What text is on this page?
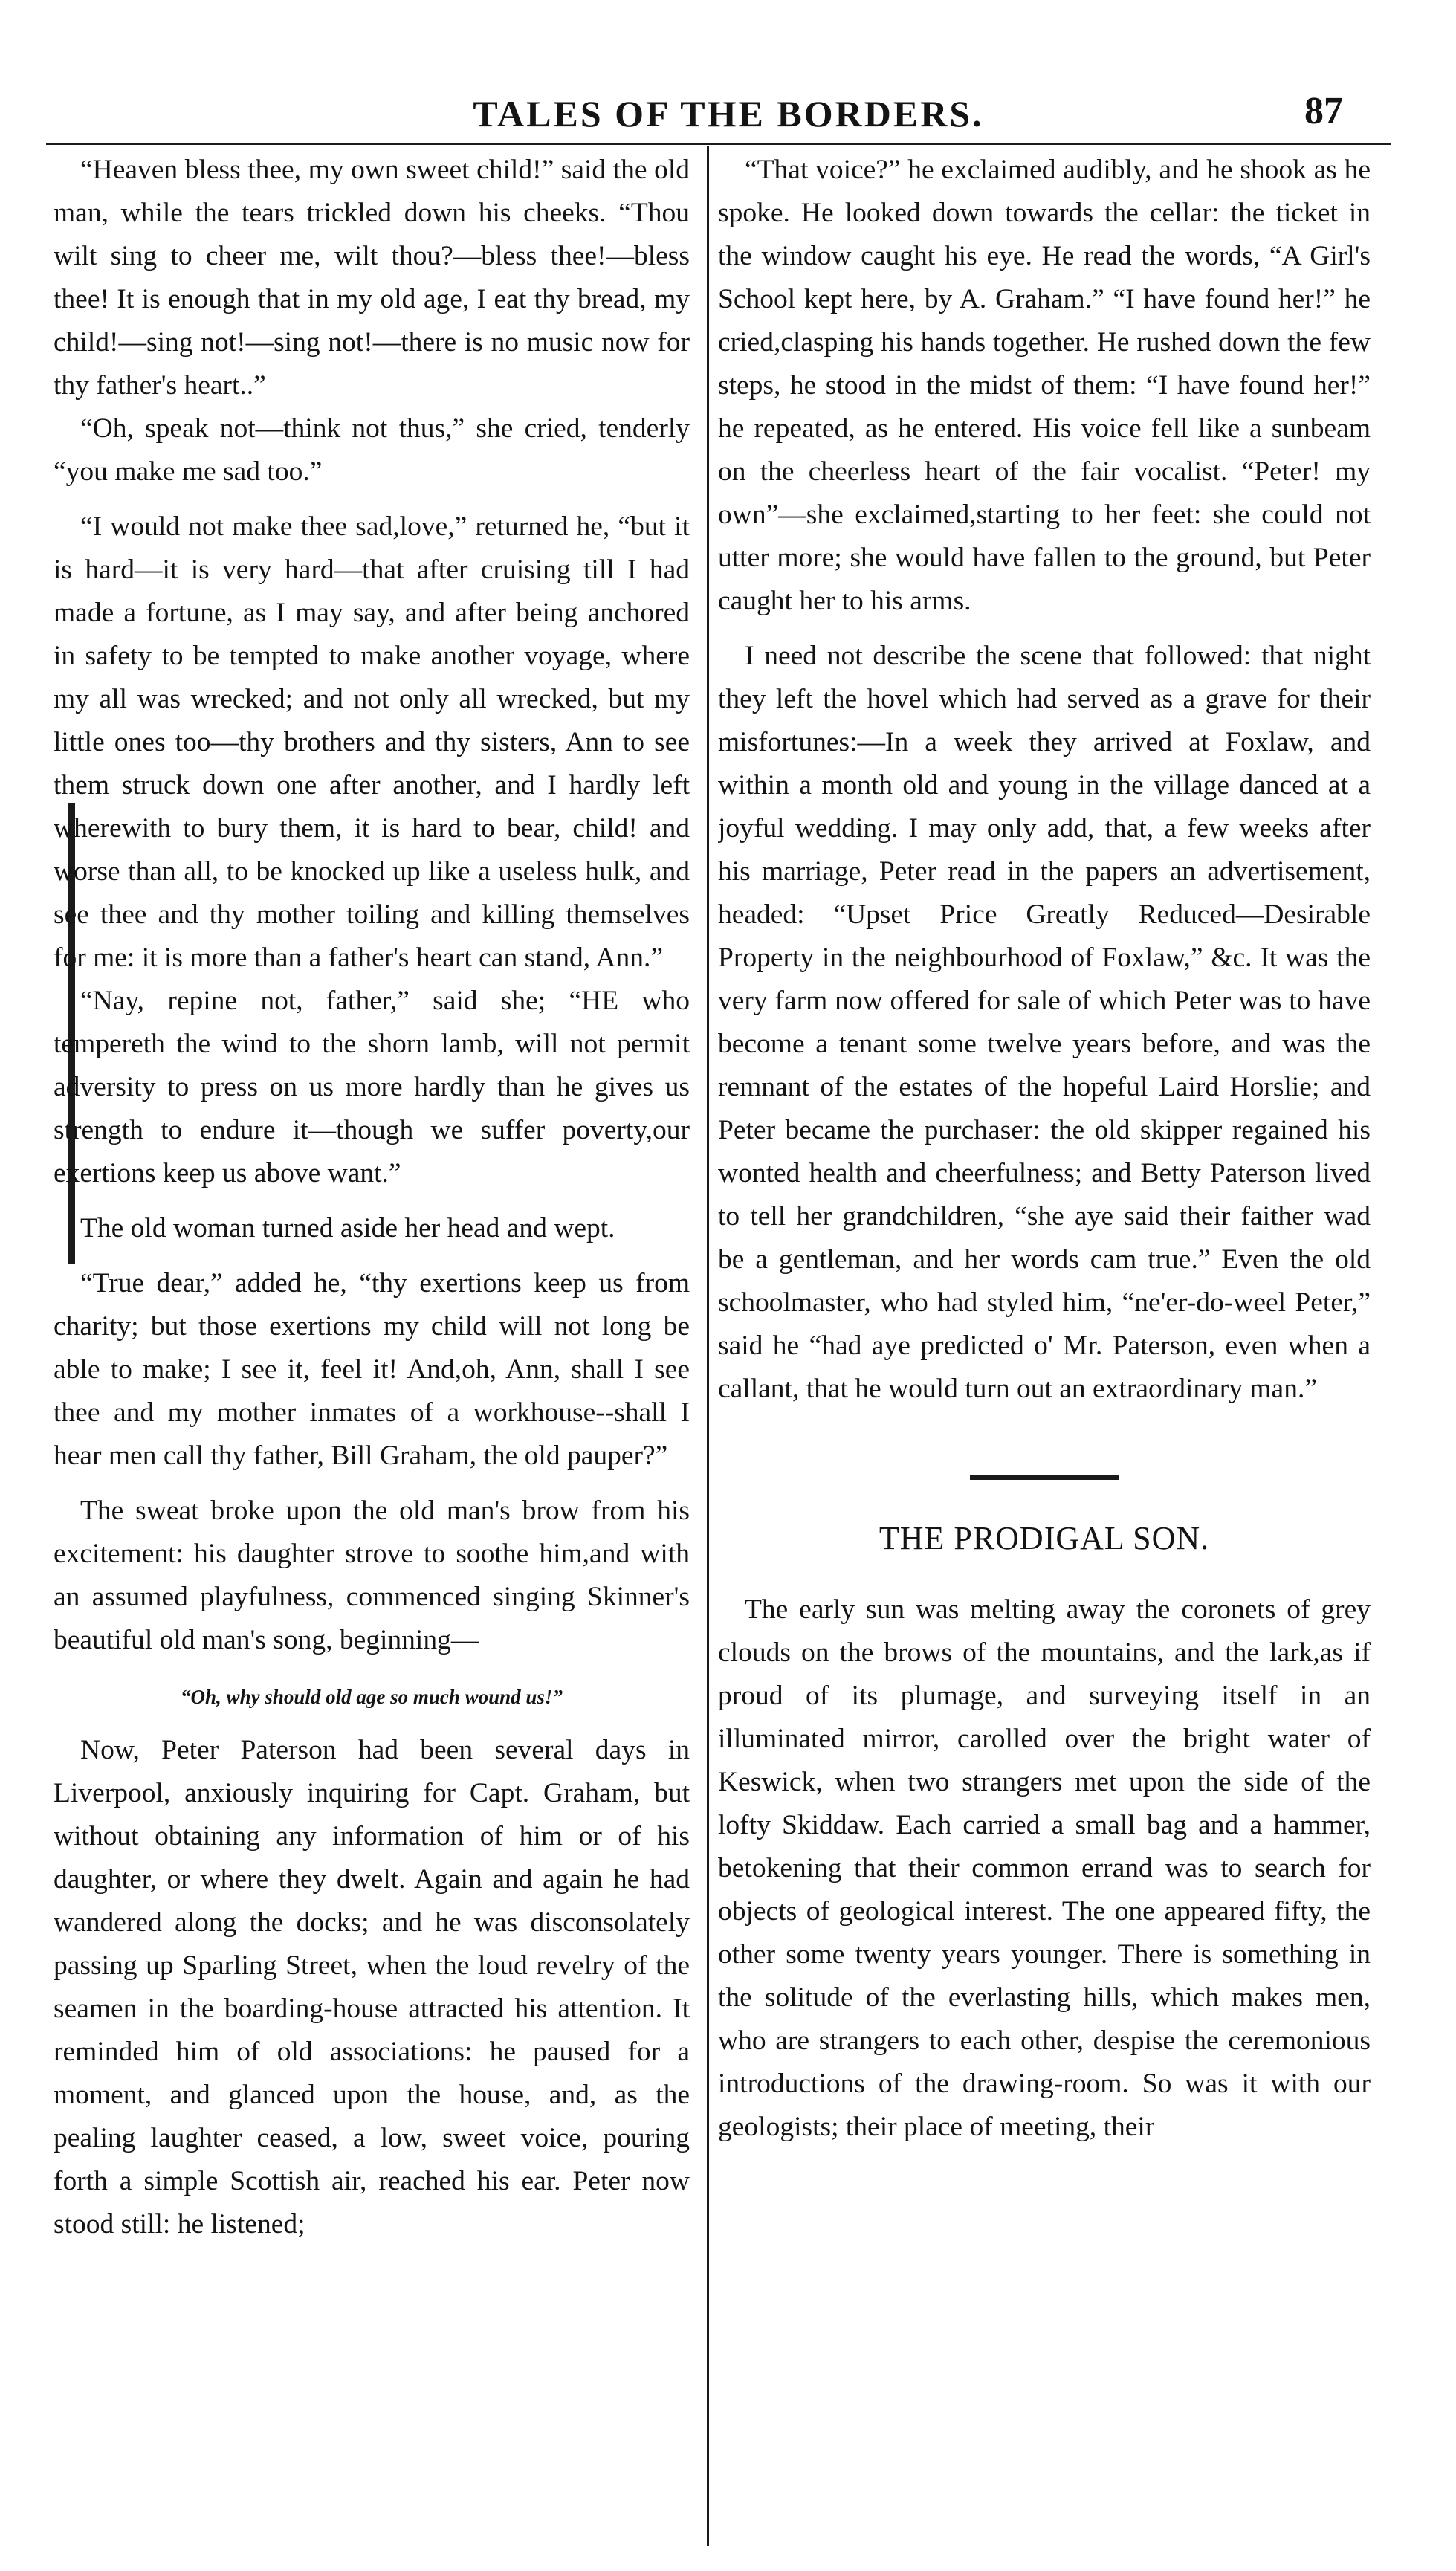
TALES OF THE BORDERS.	87

“Heaven bless thee, my own sweet child!” said the old man, while the tears trickled down his cheeks. “Thou wilt sing to cheer me, wilt thou?—bless thee!—bless thee! It is enough that in my old age, I eat thy bread, my child!—sing not!—sing not!—there is no music now for thy father's heart..”

“Oh, speak not—think not thus,” she cried, tenderly “you make me sad too.”

“I would not make thee sad,love,” returned he, “but it is hard—it is very hard—that after cruising till I had made a fortune, as I may say, and after being anchored in safety to be tempted to make another voyage, where my all was wrecked; and not only all wrecked, but my little ones too—thy brothers and thy sisters, Ann to see them struck down one after another, and I hardly left wherewith to bury them, it is hard to bear, child! and worse than all, to be knocked up like a useless hulk, and see thee and thy mother toiling and killing themselves for me: it is more than a father's heart can stand, Ann.”

“Nay, repine not, father,” said she; “HE who tempereth the wind to the shorn lamb, will not permit adversity to press on us more hardly than he gives us strength to endure it—though we suffer poverty,our exertions keep us above want.”

The old woman turned aside her head and wept.

“True dear,” added he, “thy exertions keep us from charity; but those exertions my child will not long be able to make; I see it, feel it! And,oh, Ann, shall I see thee and my mother inmates of a workhouse--shall I hear men call thy father, Bill Graham, the old pauper?”

The sweat broke upon the old man's brow from his excitement: his daughter strove to soothe him,and with an assumed playfulness, commenced singing Skinner's beautiful old man's song, beginning—

“Oh, why should old age so much wound us!”

Now, Peter Paterson had been several days in Liverpool, anxiously inquiring for Capt. Graham, but without obtaining any information of him or of his daughter, or where they dwelt. Again and again he had wandered along the docks; and he was disconsolately passing up Sparling Street, when the loud revelry of the seamen in the boarding-house attracted his attention. It reminded him of old associations: he paused for a moment, and glanced upon the house, and, as the pealing laughter ceased, a low, sweet voice, pouring forth a simple Scottish air, reached his ear. Peter now stood still: he listened;

“That voice?” he exclaimed audibly, and he shook as he spoke. He looked down towards the cellar: the ticket in the window caught his eye. He read the words, “A Girl's School kept here, by A. Graham.” “I have found her!” he cried,clasping his hands together. He rushed down the few steps, he stood in the midst of them: “I have found her!” he repeated, as he entered. His voice fell like a sunbeam on the cheerless heart of the fair vocalist. “Peter! my own”—she exclaimed,starting to her feet: she could not utter more; she would have fallen to the ground, but Peter caught her to his arms.

I need not describe the scene that followed: that night they left the hovel which had served as a grave for their misfortunes:—In a week they arrived at Foxlaw, and within a month old and young in the village danced at a joyful wedding. I may only add, that, a few weeks after his marriage, Peter read in the papers an advertisement, headed: “Upset Price Greatly Reduced—Desirable Property in the neighbourhood of Foxlaw,” &c. It was the very farm now offered for sale of which Peter was to have become a tenant some twelve years before, and was the remnant of the estates of the hopeful Laird Horslie; and Peter became the purchaser: the old skipper regained his wonted health and cheerfulness; and Betty Paterson lived to tell her grandchildren, “she aye said their faither wad be a gentleman, and her words cam true.” Even the old schoolmaster, who had styled him, “ne'er-do-weel Peter,” said he “had aye predicted o' Mr. Paterson, even when a callant, that he would turn out an extraordinary man.”

THE PRODIGAL SON.

The early sun was melting away the coronets of grey clouds on the brows of the mountains, and the lark,as if proud of its plumage, and surveying itself in an illuminated mirror, carolled over the bright water of Keswick, when two strangers met upon the side of the lofty Skiddaw. Each carried a small bag and a hammer, betokening that their common errand was to search for objects of geological interest. The one appeared fifty, the other some twenty years younger. There is something in the solitude of the everlasting hills, which makes men, who are strangers to each other, despise the ceremonious introductions of the drawing-room. So was it with our geologists; their place of meeting, their
